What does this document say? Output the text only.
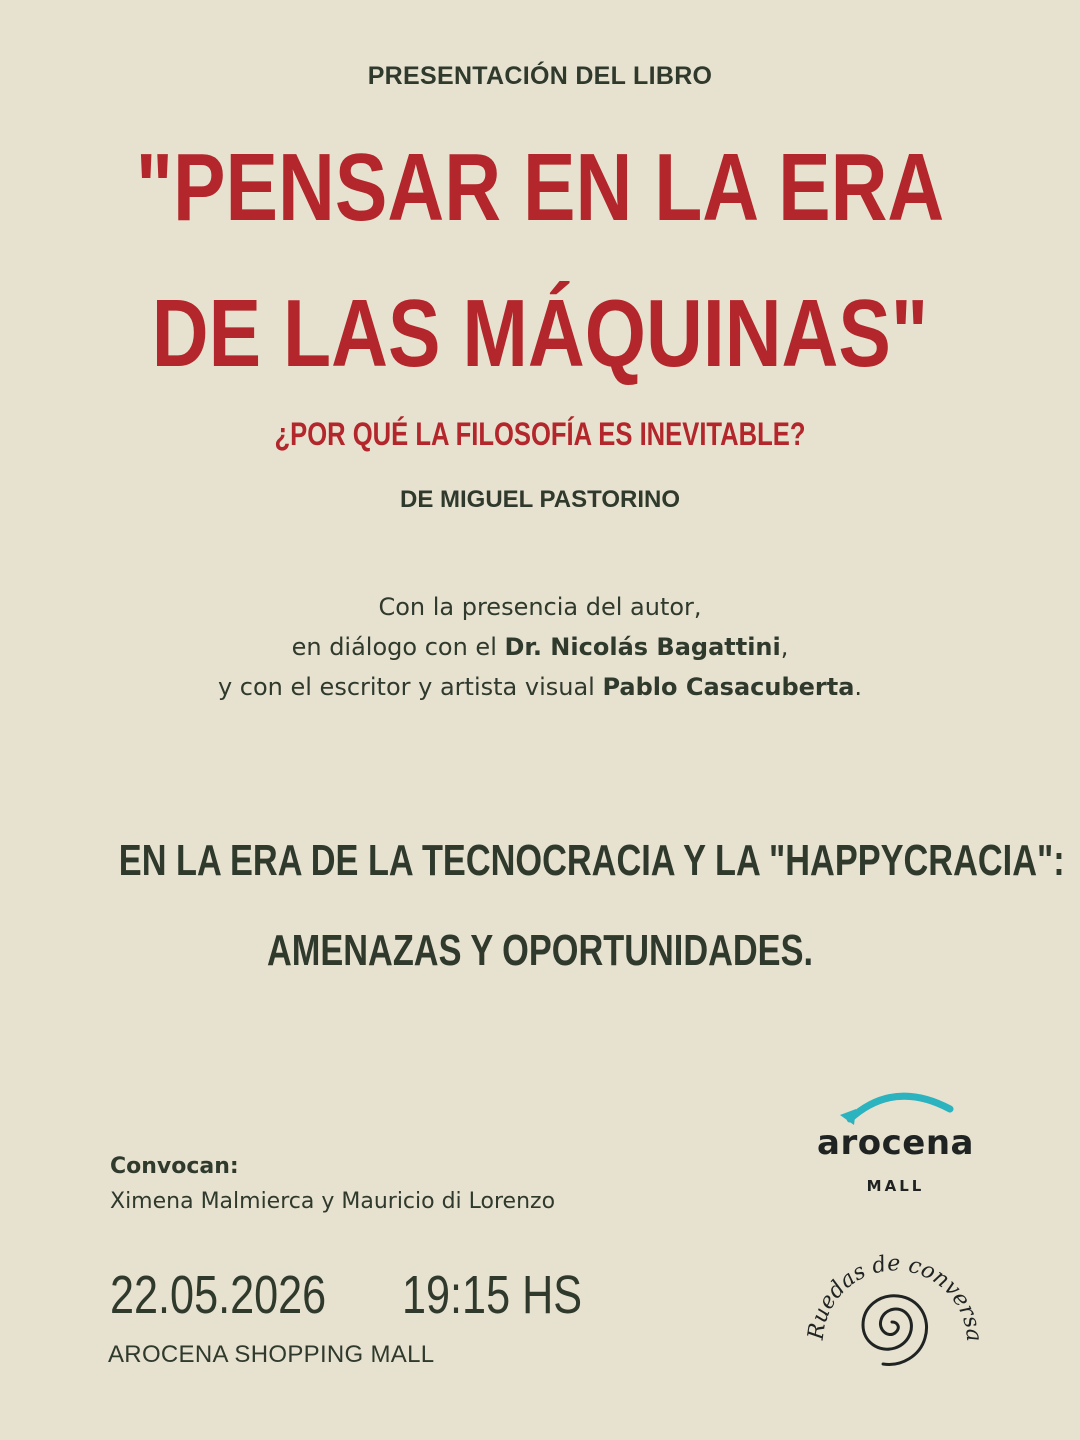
PRESENTACIÓN DEL LIBRO
"PENSAR EN LA ERA
DE LAS MÁQUINAS"
¿POR QUÉ LA FILOSOFÍA ES INEVITABLE?
DE MIGUEL PASTORINO
Con la presencia del autor,
en diálogo con el Dr. Nicolás Bagattini,
y con el escritor y artista visual Pablo Casacuberta.
EN LA ERA DE LA TECNOCRACIA Y LA "HAPPYCRACIA":
AMENAZAS Y OPORTUNIDADES.
Convocan:
Ximena Malmierca y Mauricio di Lorenzo
22.05.2026 19:15 HS
AROCENA SHOPPING MALL
arocena
MALL
Ruedas de conversa
